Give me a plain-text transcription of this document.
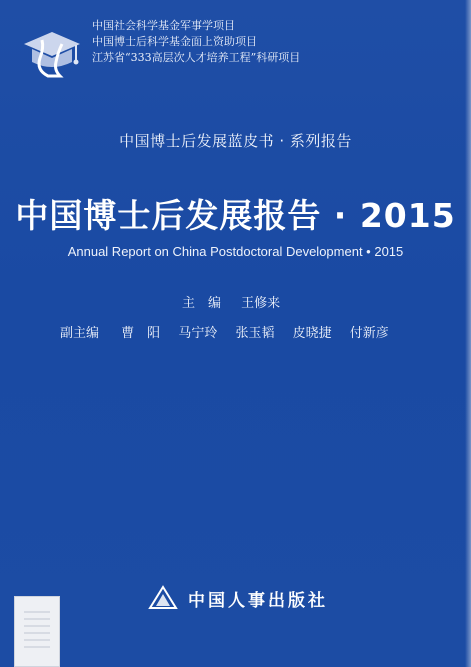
中国社会科学基金军事学项目
中国博士后科学基金面上资助项目
江苏省“333高层次人才培养工程”科研项目
中国博士后发展蓝皮书 · 系列报告
中国博士后发展报告 · 2015
Annual Report on China Postdoctoral Development • 2015
主　编 王修来
副主编 曹　阳 马宁玲 张玉韬 皮晓捷 付新彦
中国人事出版社
